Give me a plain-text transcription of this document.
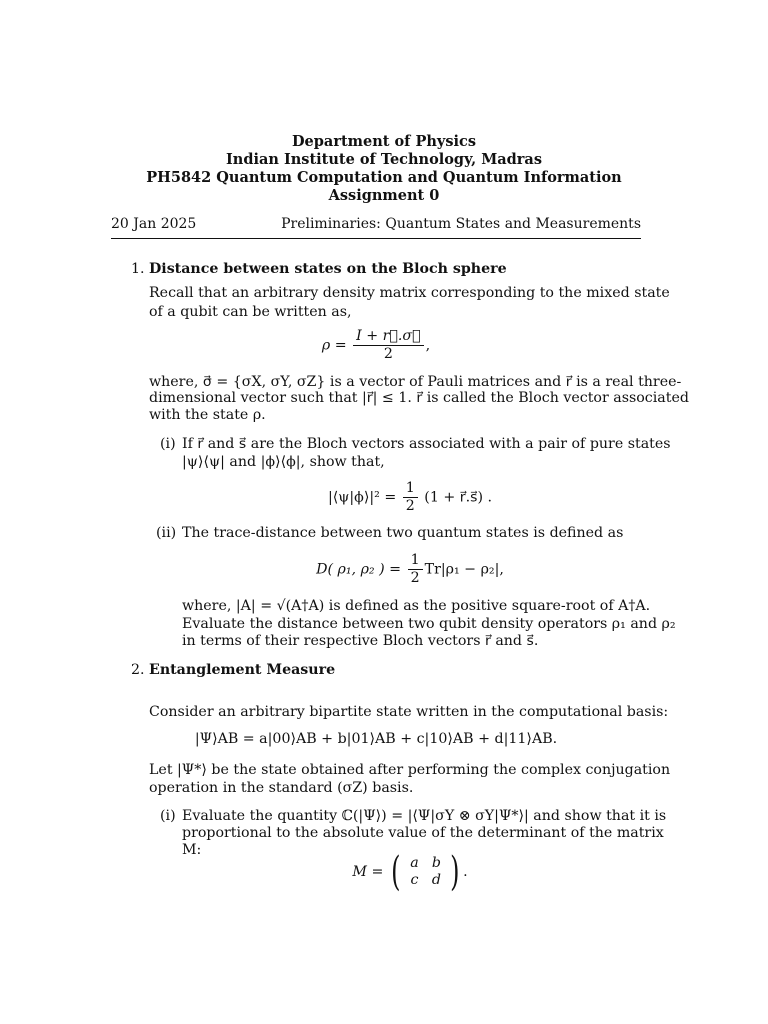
Department of Physics
Indian Institute of Technology, Madras
PH5842 Quantum Computation and Quantum Information
Assignment 0
20 Jan 2025	Preliminaries: Quantum States and Measurements
1. Distance between states on the Bloch sphere
Recall that an arbitrary density matrix corresponding to the mixed state
of a qubit can be written as,
$\rho = \frac{I + r⃗.\sigma⃗}{2}$ ,
where, σ⃗ = {σX, σY, σZ} is a vector of Pauli matrices and r⃗ is a real three-
dimensional vector such that |r⃗| ≤ 1. r⃗ is called the Bloch vector associated
with the state ρ.
(i) If r⃗ and s⃗ are the Bloch vectors associated with a pair of pure states
|ψ⟩⟨ψ| and |ϕ⟩⟨ϕ|, show that,
|⟨ψ|ϕ⟩|² = $\frac{1}{2} (1$ + r⃗.s⃗) .
(ii) The trace-distance between two quantum states is defined as
D( ρ₁, ρ₂ ) = $\frac{1}{2} Tr|\rho_1 - \rho_2|$,
where, |A| = √(A†A) is defined as the positive square-root of A†A.
Evaluate the distance between two qubit density operators ρ₁ and ρ₂
in terms of their respective Bloch vectors r⃗ and s⃗.
2. Entanglement Measure
Consider an arbitrary bipartite state written in the computational basis:
|Ψ⟩AB = a|00⟩AB + b|01⟩AB + c|10⟩AB + d|11⟩AB.
Let |Ψ*⟩ be the state obtained after performing the complex conjugation
operation in the standard (σZ) basis.
(i) Evaluate the quantity ℂ(|Ψ⟩) = |⟨Ψ|σY ⊗ σY|Ψ*⟩| and show that it is
proportional to the absolute value of the determinant of the matrix
M:
M = ( a b
c d ) .
